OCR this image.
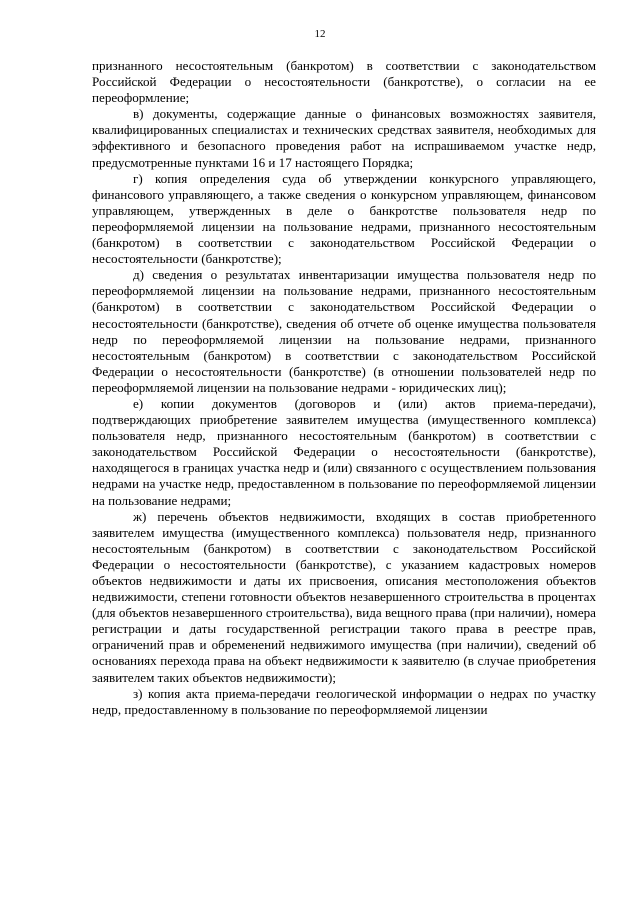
12

признанного несостоятельным (банкротом) в соответствии с законодательством Российской Федерации о несостоятельности (банкротстве), о согласии на ее переоформление;

в) документы, содержащие данные о финансовых возможностях заявителя, квалифицированных специалистах и технических средствах заявителя, необходимых для эффективного и безопасного проведения работ на испрашиваемом участке недр, предусмотренные пунктами 16 и 17 настоящего Порядка;

г) копия определения суда об утверждении конкурсного управляющего, финансового управляющего, а также сведения о конкурсном управляющем, финансовом управляющем, утвержденных в деле о банкротстве пользователя недр по переоформляемой лицензии на пользование недрами, признанного несостоятельным (банкротом) в соответствии с законодательством Российской Федерации о несостоятельности (банкротстве);

д) сведения о результатах инвентаризации имущества пользователя недр по переоформляемой лицензии на пользование недрами, признанного несостоятельным (банкротом) в соответствии с законодательством Российской Федерации о несостоятельности (банкротстве), сведения об отчете об оценке имущества пользователя недр по переоформляемой лицензии на пользование недрами, признанного несостоятельным (банкротом) в соответствии с законодательством Российской Федерации о несостоятельности (банкротстве) (в отношении пользователей недр по переоформляемой лицензии на пользование недрами - юридических лиц);

е) копии документов (договоров и (или) актов приема-передачи), подтверждающих приобретение заявителем имущества (имущественного комплекса) пользователя недр, признанного несостоятельным (банкротом) в соответствии с законодательством Российской Федерации о несостоятельности (банкротстве), находящегося в границах участка недр и (или) связанного с осуществлением пользования недрами на участке недр, предоставленном в пользование по переоформляемой лицензии на пользование недрами;

ж) перечень объектов недвижимости, входящих в состав приобретенного заявителем имущества (имущественного комплекса) пользователя недр, признанного несостоятельным (банкротом) в соответствии с законодательством Российской Федерации о несостоятельности (банкротстве), с указанием кадастровых номеров объектов недвижимости и даты их присвоения, описания местоположения объектов недвижимости, степени готовности объектов незавершенного строительства в процентах (для объектов незавершенного строительства), вида вещного права (при наличии), номера регистрации и даты государственной регистрации такого права в реестре прав, ограничений прав и обременений недвижимого имущества (при наличии), сведений об основаниях перехода права на объект недвижимости к заявителю (в случае приобретения заявителем таких объектов недвижимости);

з) копия акта приема-передачи геологической информации о недрах по участку недр, предоставленному в пользование по переоформляемой лицензии
